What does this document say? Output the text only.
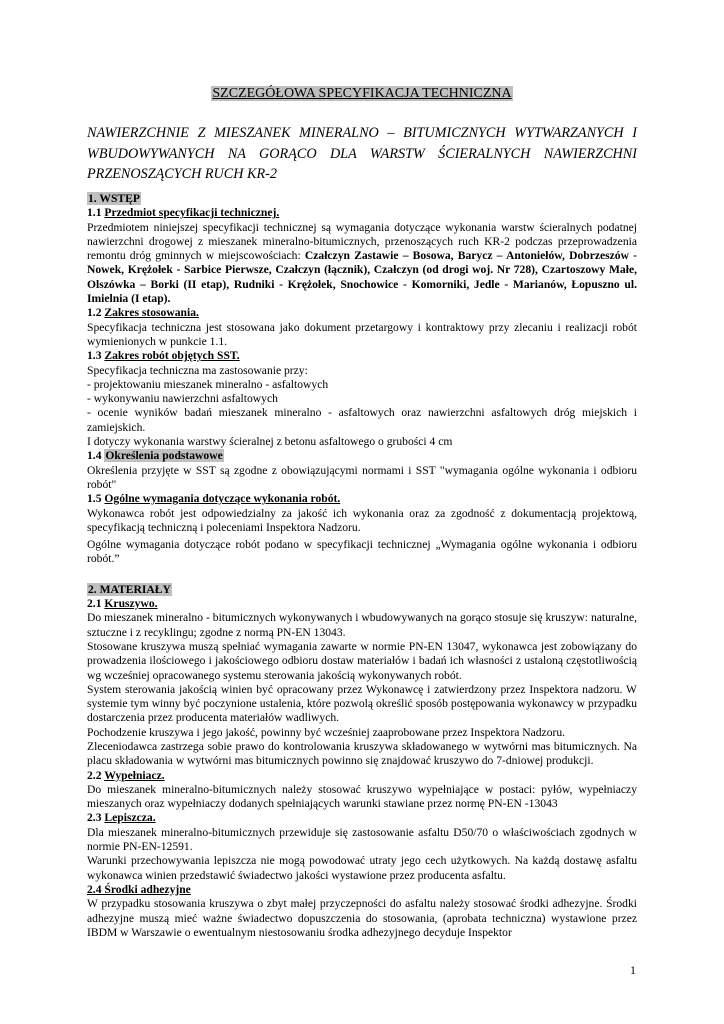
SZCZEGÓŁOWA SPECYFIKACJA TECHNICZNA
NAWIERZCHNIE Z MIESZANEK MINERALNO – BITUMICZNYCH WYTWARZANYCH I WBUDOWYWANYCH NA GORĄCO DLA WARSTW ŚCIERALNYCH NAWIERZCHNI PRZENOSZĄCYCH RUCH KR-2

1. WSTĘP

1.1 Przedmiot specyfikacji technicznej.

Przedmiotem niniejszej specyfikacji technicznej są wymagania dotyczące wykonania warstw ścieralnych podatnej nawierzchni drogowej z mieszanek mineralno-bitumicznych, przenoszących ruch KR-2 podczas przeprowadzenia remontu dróg gminnych w miejscowościach: Czałczyn Zastawie – Bosowa, Barycz – Antoniełów, Dobrzeszów - Nowek, Krężołek - Sarbice Pierwsze, Czałczyn (łącznik), Czałczyn (od drogi woj. Nr 728), Czartoszowy Małe, Olszówka – Borki (II etap), Rudniki - Krężołek, Snochowice - Komorniki, Jedle - Marianów, Łopuszno ul. Imielnia (I etap).

1.2 Zakres stosowania.

Specyfikacja techniczna jest stosowana jako dokument przetargowy i kontraktowy przy zlecaniu i realizacji robót wymienionych w punkcie 1.1.

1.3 Zakres robót objętych SST.

Specyfikacja techniczna ma zastosowanie przy:

- projektowaniu mieszanek mineralno - asfaltowych

- wykonywaniu nawierzchni asfaltowych

- ocenie wyników badań mieszanek mineralno - asfaltowych oraz nawierzchni asfaltowych dróg miejskich i zamiejskich.

I dotyczy wykonania warstwy ścieralnej z betonu asfaltowego o grubości 4 cm

1.4 Określenia podstawowe

Określenia przyjęte w SST są zgodne z obowiązującymi normami i SST "wymagania ogólne wykonania i odbioru robót"

1.5 Ogólne wymagania dotyczące wykonania robót.

Wykonawca robót jest odpowiedzialny za jakość ich wykonania oraz za zgodność z dokumentacją projektową, specyfikacją techniczną i poleceniami Inspektora Nadzoru.

Ogólne wymagania dotyczące robót podano w specyfikacji technicznej „Wymagania ogólne wykonania i odbioru robót.”

2. MATERIAŁY

2.1 Kruszywo.

Do mieszanek mineralno - bitumicznych wykonywanych i wbudowywanych na gorąco stosuje się kruszyw: naturalne, sztuczne i z recyklingu; zgodne z normą PN-EN 13043.

Stosowane kruszywa muszą spełniać wymagania zawarte w normie PN-EN 13047, wykonawca jest zobowiązany do prowadzenia ilościowego i jakościowego odbioru dostaw materiałów i badań ich własności z ustaloną częstotliwością wg wcześniej opracowanego systemu sterowania jakością wykonywanych robót.

System sterowania jakością winien być opracowany przez Wykonawcę i zatwierdzony przez Inspektora nadzoru. W systemie tym winny być poczynione ustalenia, które pozwolą określić sposób postępowania wykonawcy w przypadku dostarczenia przez producenta materiałów wadliwych.

Pochodzenie kruszywa i jego jakość, powinny być wcześniej zaaprobowane przez Inspektora Nadzoru.

Zleceniodawca zastrzega sobie prawo do kontrolowania kruszywa składowanego w wytwórni mas bitumicznych. Na placu składowania w wytwórni mas bitumicznych powinno się znajdować kruszywo do 7-dniowej produkcji.

2.2 Wypełniacz.

Do mieszanek mineralno-bitumicznych należy stosować kruszywo wypełniające w postaci: pyłów, wypełniaczy mieszanych oraz wypełniaczy dodanych spełniających warunki stawiane przez normę PN-EN -13043

2.3 Lepiszcza.

Dla mieszanek mineralno-bitumicznych przewiduje się zastosowanie asfaltu D50/70 o właściwościach zgodnych w normie PN-EN-12591.

Warunki przechowywania lepiszcza nie mogą powodować utraty jego cech użytkowych. Na każdą dostawę asfaltu wykonawca winien przedstawić świadectwo jakości wystawione przez producenta asfaltu.

2.4 Środki adhezyjne

W przypadku stosowania kruszywa o zbyt małej przyczepności do asfaltu należy stosować środki adhezyjne. Środki adhezyjne muszą mieć ważne świadectwo dopuszczenia do stosowania, (aprobata techniczna) wystawione przez IBDM w Warszawie o ewentualnym niestosowaniu środka adhezyjnego decyduje Inspektor

1
